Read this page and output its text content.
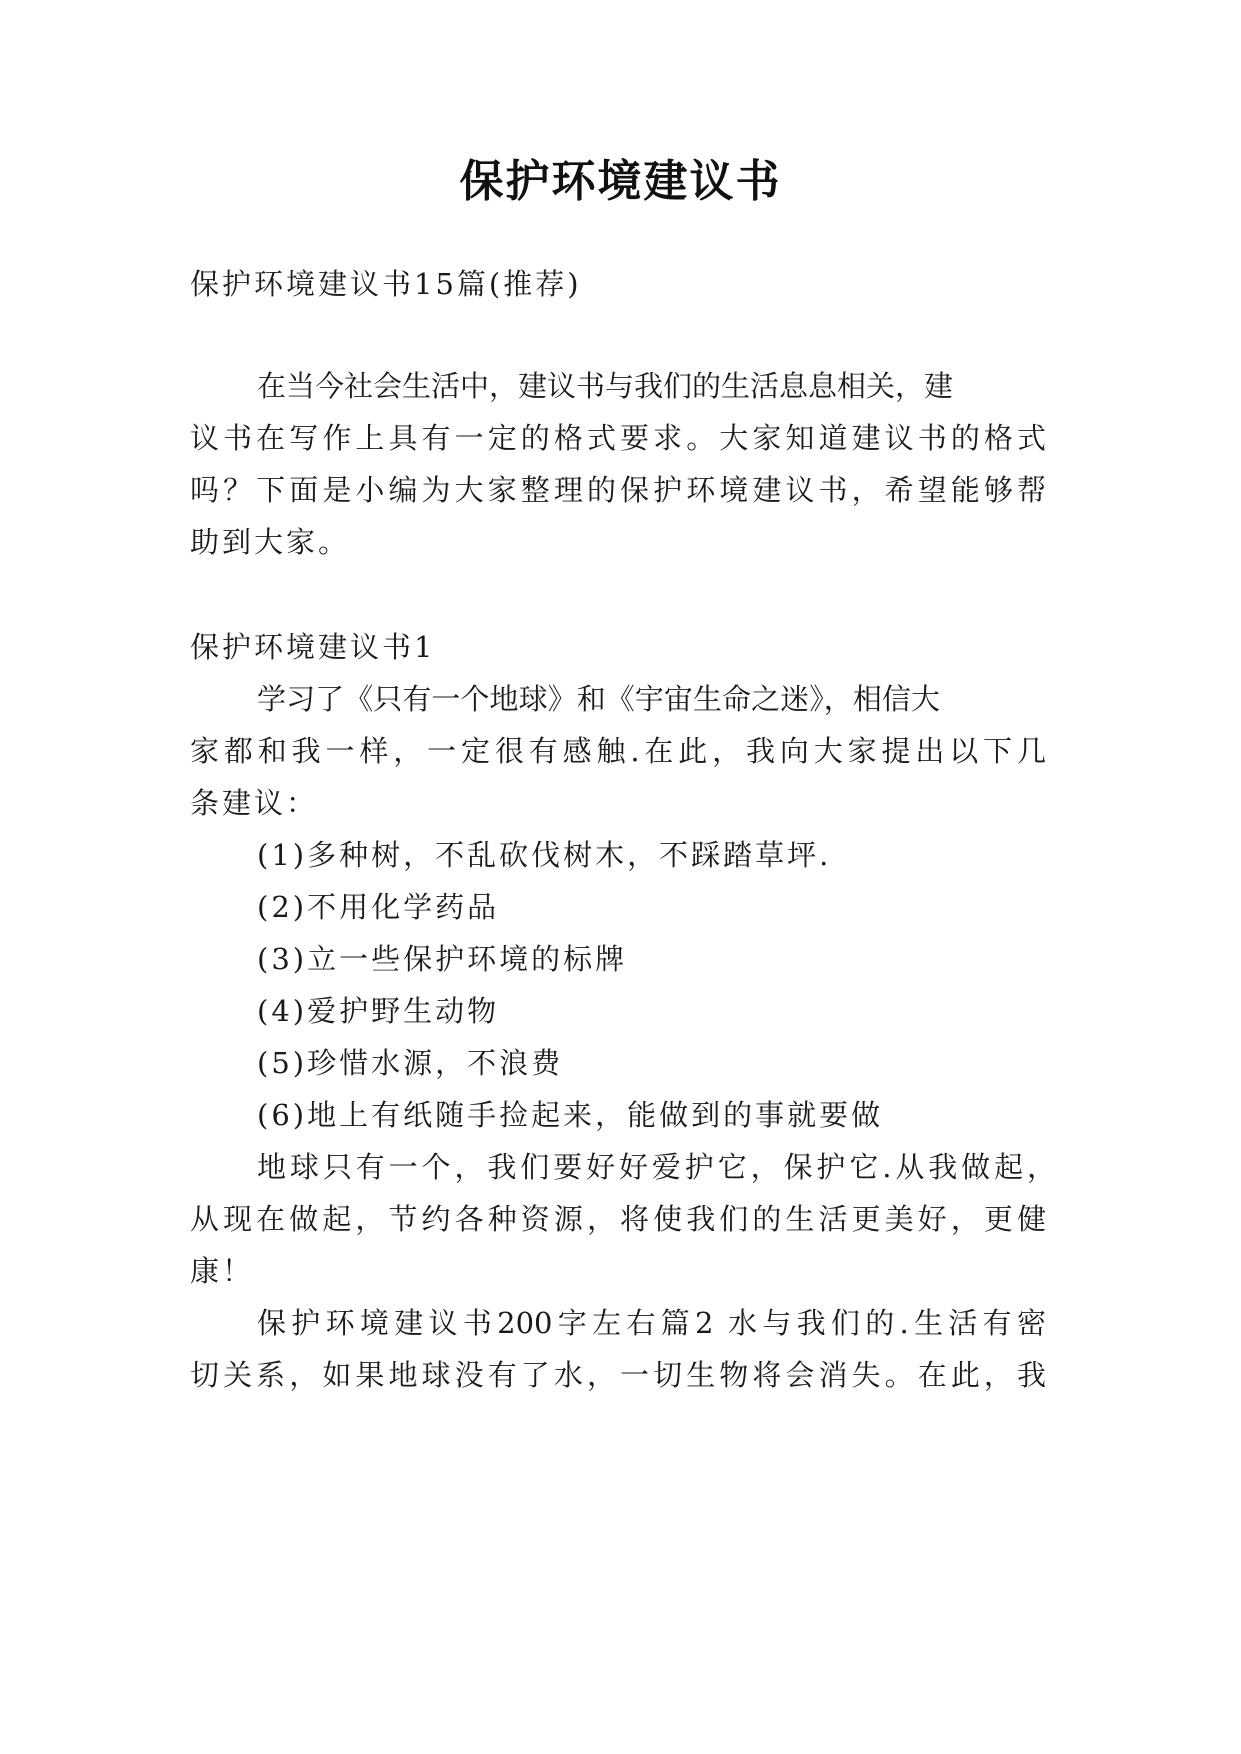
保护环境建议书
保护环境建议书15篇(推荐)
在当今社会生活中，建议书与我们的生活息息相关，建
议书在写作上具有一定的格式要求。大家知道建议书的格式
吗？下面是小编为大家整理的保护环境建议书，希望能够帮
助到大家。
保护环境建议书1
学习了《只有一个地球》和《宇宙生命之迷》，相信大
家都和我一样，一定很有感触.在此，我向大家提出以下几
条建议：
(1)多种树，不乱砍伐树木，不踩踏草坪.
(2)不用化学药品
(3)立一些保护环境的标牌
(4)爱护野生动物
(5)珍惜水源，不浪费
(6)地上有纸随手捡起来，能做到的事就要做
地球只有一个，我们要好好爱护它，保护它.从我做起，
从现在做起，节约各种资源，将使我们的生活更美好，更健
康！
保护环境建议书200字左右篇2 水与我们的.生活有密
切关系，如果地球没有了水，一切生物将会消失。在此，我
